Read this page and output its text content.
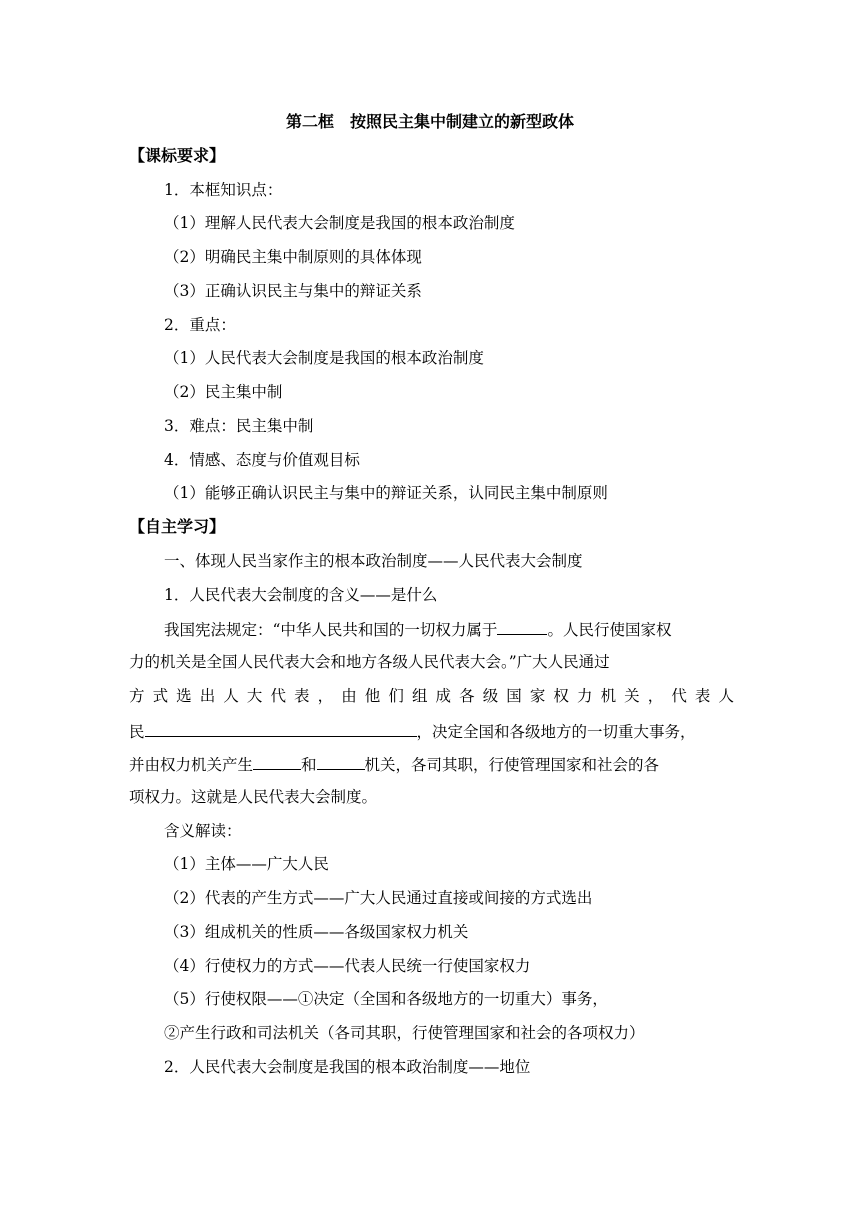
第二框　按照民主集中制建立的新型政体
【课标要求】
1．本框知识点：
（1）理解人民代表大会制度是我国的根本政治制度
（2）明确民主集中制原则的具体体现
（3）正确认识民主与集中的辩证关系
2．重点：
（1）人民代表大会制度是我国的根本政治制度
（2）民主集中制
3．难点：民主集中制
4．情感、态度与价值观目标
（1）能够正确认识民主与集中的辩证关系，认同民主集中制原则
【自主学习】
一、体现人民当家作主的根本政治制度——人民代表大会制度
1．人民代表大会制度的含义——是什么
我国宪法规定：“中华人民共和国的一切权力属于	。人民行使国家权
力的机关是全国人民代表大会和地方各级人民代表大会。”广大人民通过
方式选出人大代表，由他们组成各级国家权力机关，代表人
民	，决定全国和各级地方的一切重大事务，
并由权力机关产生	和	机关，各司其职，行使管理国家和社会的各
项权力。这就是人民代表大会制度。
含义解读：
（1）主体——广大人民
（2）代表的产生方式——广大人民通过直接或间接的方式选出
（3）组成机关的性质——各级国家权力机关
（4）行使权力的方式——代表人民统一行使国家权力
（5）行使权限——①决定（全国和各级地方的一切重大）事务，
②产生行政和司法机关（各司其职，行使管理国家和社会的各项权力）
2．人民代表大会制度是我国的根本政治制度——地位
